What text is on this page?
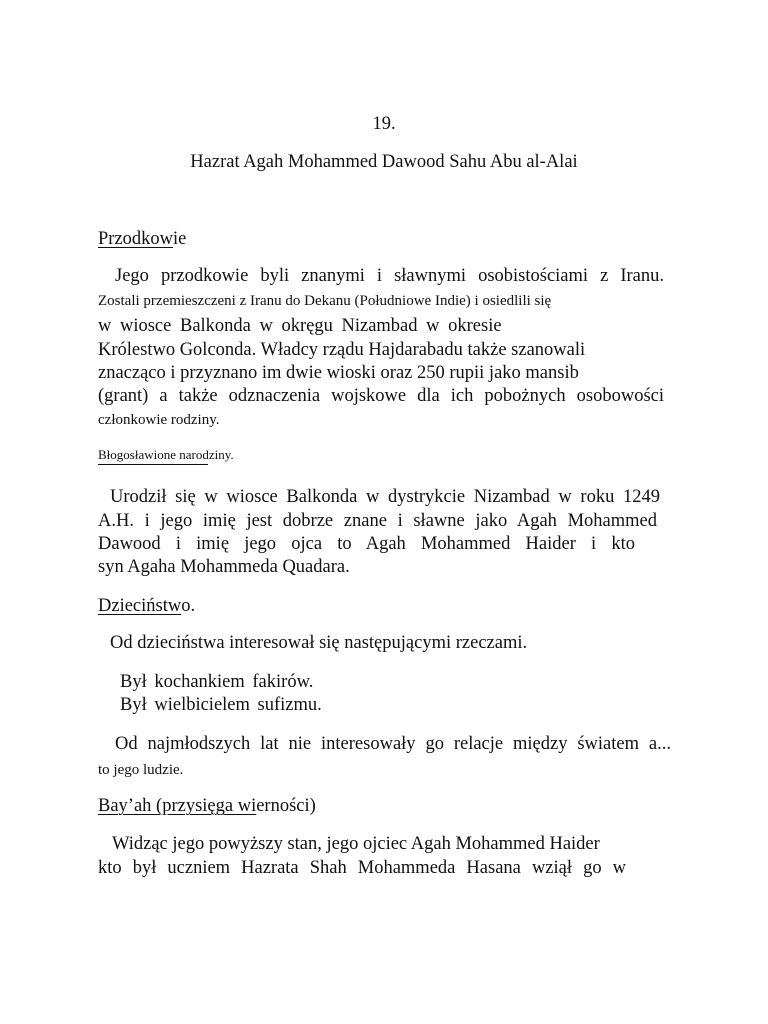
19.
Hazrat Agah Mohammed Dawood Sahu Abu al-Alai
Przodkowie
Jego przodkowie byli znanymi i sławnymi osobistościami z Iranu.
Zostali przemieszczeni z Iranu do Dekanu (Południowe Indie) i osiedlili się
w wiosce Balkonda w okręgu Nizambad w okresie
Królestwo Golconda. Władcy rządu Hajdarabadu także szanowali
znacząco i przyznano im dwie wioski oraz 250 rupii jako mansib
(grant) a także odznaczenia wojskowe dla ich pobożnych osobowości
członkowie rodziny.
Błogosławione narodziny.
Urodził się w wiosce Balkonda w dystrykcie Nizambad w roku 1249
A.H. i jego imię jest dobrze znane i sławne jako Agah Mohammed
Dawood i imię jego ojca to Agah Mohammed Haider i kto
syn Agaha Mohammeda Quadara.
Dzieciństwo.
Od dzieciństwa interesował się następującymi rzeczami.
Był kochankiem fakirów.
Był wielbicielem sufizmu.
Od najmłodszych lat nie interesowały go relacje między światem a...
to jego ludzie.
Bay’ah (przysięga wierności)
Widząc jego powyższy stan, jego ojciec Agah Mohammed Haider
kto był uczniem Hazrata Shah Mohammeda Hasana wziął go w
